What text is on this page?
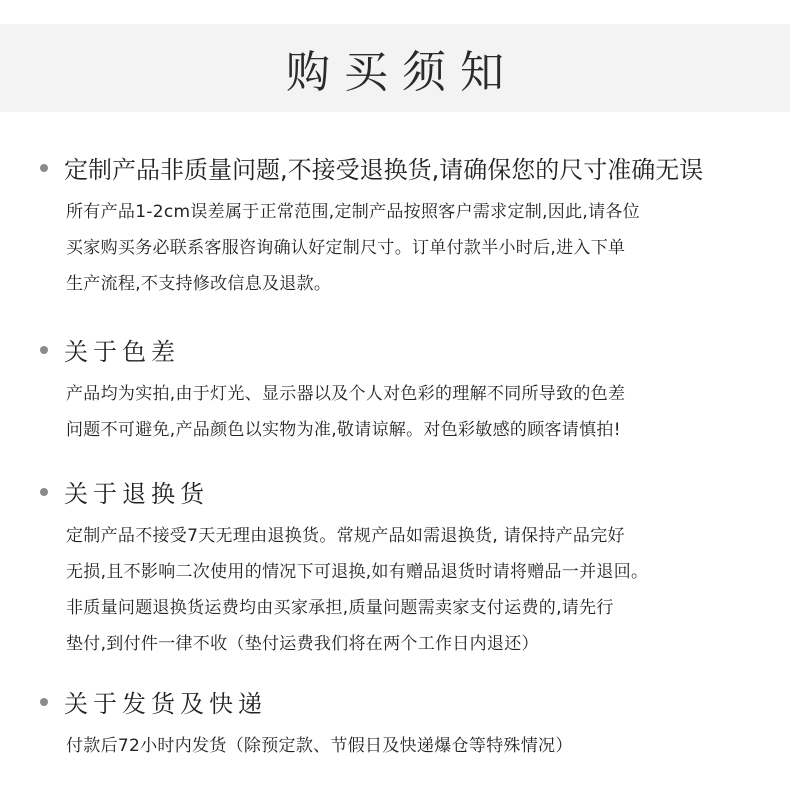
购买须知
定制产品非质量问题,不接受退换货,请确保您的尺寸准确无误
所有产品1-2cm误差属于正常范围,定制产品按照客户需求定制,因此,请各位
买家购买务必联系客服咨询确认好定制尺寸。订单付款半小时后,进入下单
生产流程,不支持修改信息及退款。
关于色差
产品均为实拍,由于灯光、显示器以及个人对色彩的理解不同所导致的色差
问题不可避免,产品颜色以实物为准,敬请谅解。对色彩敏感的顾客请慎拍!
关于退换货
定制产品不接受7天无理由退换货。常规产品如需退换货, 请保持产品完好
无损,且不影响二次使用的情况下可退换,如有赠品退货时请将赠品一并退回。
非质量问题退换货运费均由买家承担,质量问题需卖家支付运费的,请先行
垫付,到付件一律不收（垫付运费我们将在两个工作日内退还）
关于发货及快递
付款后72小时内发货（除预定款、节假日及快递爆仓等特殊情况）
